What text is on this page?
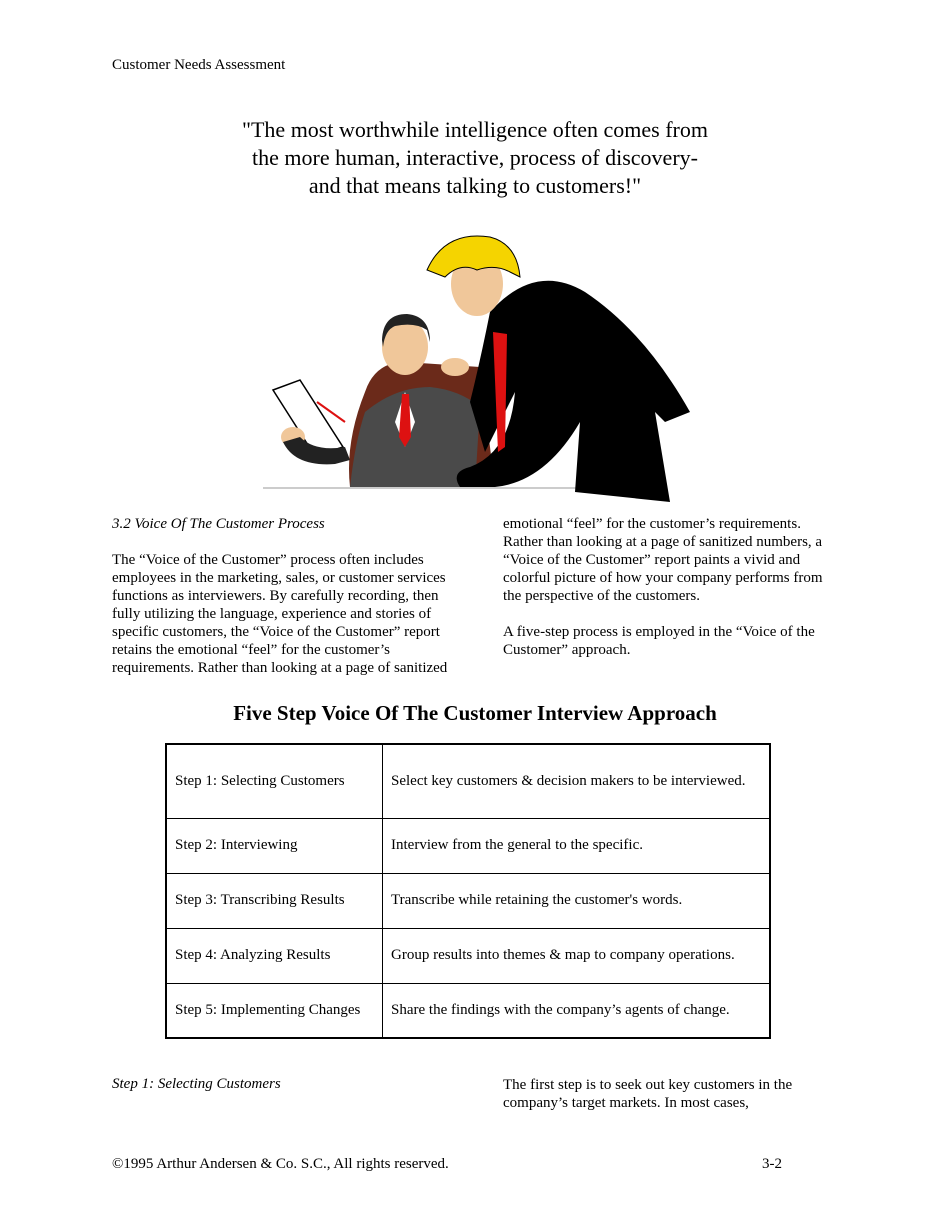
Customer Needs Assessment
"The most worthwhile intelligence often comes from
the more human, interactive, process of discovery-
and that means talking to customers!"

3.2 Voice Of The Customer Process

The “Voice of the Customer” process often includes employees in the marketing, sales, or customer services functions as interviewers. By carefully recording, then fully utilizing the language, experience and stories of specific customers, the “Voice of the Customer” report retains the emotional “feel” for the customer’s requirements. Rather than looking at a page of sanitized

emotional “feel” for the customer’s requirements. Rather than looking at a page of sanitized numbers, a “Voice of the Customer” report paints a vivid and colorful picture of how your company performs from the perspective of the customers.

A five-step process is employed in the “Voice of the Customer” approach.

Five Step Voice Of The Customer Interview Approach
Step 1: Selecting Customers	Select key customers & decision makers to be interviewed.
Step 2: Interviewing	Interview from the general to the specific.
Step 3: Transcribing Results	Transcribe while retaining the customer's words.
Step 4: Analyzing Results	Group results into themes & map to company operations.
Step 5: Implementing Changes	Share the findings with the company’s agents of change.
Step 1: Selecting Customers	The first step is to seek out key customers in the company’s target markets. In most cases,
©1995 Arthur Andersen & Co. S.C., All rights reserved.	3-2
